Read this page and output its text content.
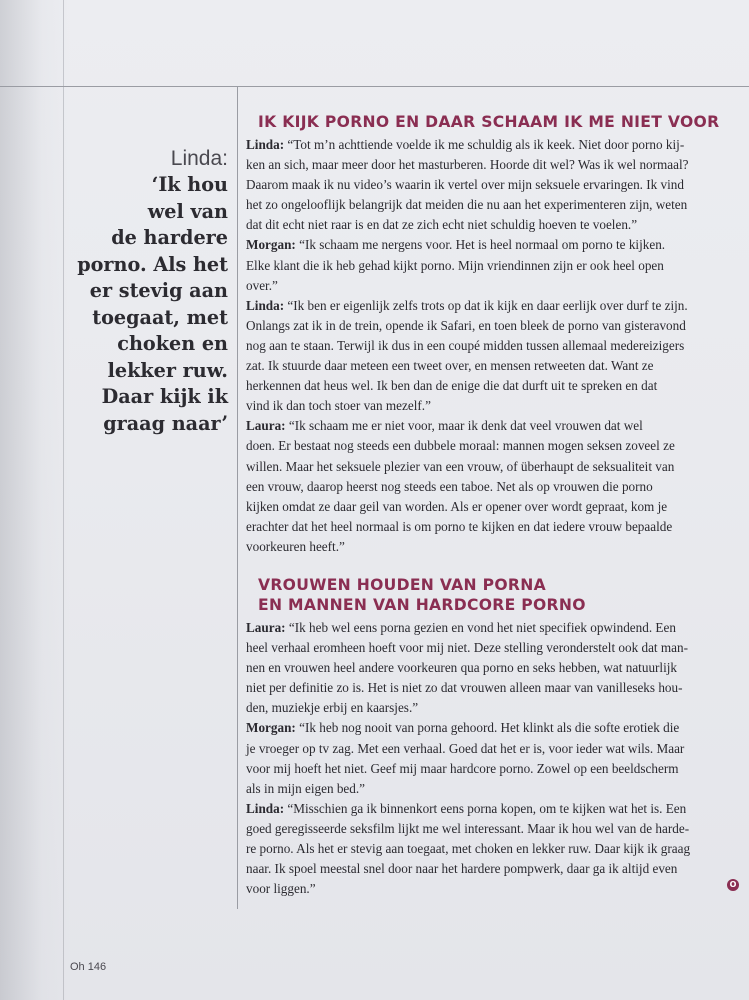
Linda:
‘Ik hou
wel van
de hardere
porno. Als het
er stevig aan
toegaat, met
choken en
lekker ruw.
Daar kijk ik
graag naar’
IK KIJK PORNO EN DAAR SCHAAM IK ME NIET VOOR

Linda: “Tot m’n achttiende voelde ik me schuldig als ik keek. Niet door porno kij-
ken an sich, maar meer door het masturberen. Hoorde dit wel? Was ik wel normaal?
Daarom maak ik nu video’s waarin ik vertel over mijn seksuele ervaringen. Ik vind
het zo ongelooflijk belangrijk dat meiden die nu aan het experimenteren zijn, weten
dat dit echt niet raar is en dat ze zich echt niet schuldig hoeven te voelen.”

Morgan: “Ik schaam me nergens voor. Het is heel normaal om porno te kijken.
Elke klant die ik heb gehad kijkt porno. Mijn vriendinnen zijn er ook heel open
over.”

Linda: “Ik ben er eigenlijk zelfs trots op dat ik kijk en daar eerlijk over durf te zijn.
Onlangs zat ik in de trein, opende ik Safari, en toen bleek de porno van gisteravond
nog aan te staan. Terwijl ik dus in een coupé midden tussen allemaal medereizigers
zat. Ik stuurde daar meteen een tweet over, en mensen retweeten dat. Want ze
herkennen dat heus wel. Ik ben dan de enige die dat durft uit te spreken en dat
vind ik dan toch stoer van mezelf.”

Laura: “Ik schaam me er niet voor, maar ik denk dat veel vrouwen dat wel
doen. Er bestaat nog steeds een dubbele moraal: mannen mogen seksen zoveel ze
willen. Maar het seksuele plezier van een vrouw, of überhaupt de seksualiteit van
een vrouw, daarop heerst nog steeds een taboe. Net als op vrouwen die porno
kijken omdat ze daar geil van worden. Als er opener over wordt gepraat, kom je
erachter dat het heel normaal is om porno te kijken en dat iedere vrouw bepaalde
voorkeuren heeft.”

VROUWEN HOUDEN VAN PORNA
EN MANNEN VAN HARDCORE PORNO

Laura: “Ik heb wel eens porna gezien en vond het niet specifiek opwindend. Een
heel verhaal eromheen hoeft voor mij niet. Deze stelling veronderstelt ook dat man-
nen en vrouwen heel andere voorkeuren qua porno en seks hebben, wat natuurlijk
niet per definitie zo is. Het is niet zo dat vrouwen alleen maar van vanilleseks hou-
den, muziekje erbij en kaarsjes.”

Morgan: “Ik heb nog nooit van porna gehoord. Het klinkt als die softe erotiek die
je vroeger op tv zag. Met een verhaal. Goed dat het er is, voor ieder wat wils. Maar
voor mij hoeft het niet. Geef mij maar hardcore porno. Zowel op een beeldscherm
als in mijn eigen bed.”

Linda: “Misschien ga ik binnenkort eens porna kopen, om te kijken wat het is. Een
goed geregisseerde seksfilm lijkt me wel interessant. Maar ik hou wel van de harde-
re porno. Als het er stevig aan toegaat, met choken en lekker ruw. Daar kijk ik graag
naar. Ik spoel meestal snel door naar het hardere pompwerk, daar ga ik altijd even
voor liggen.”	O
Oh 146
